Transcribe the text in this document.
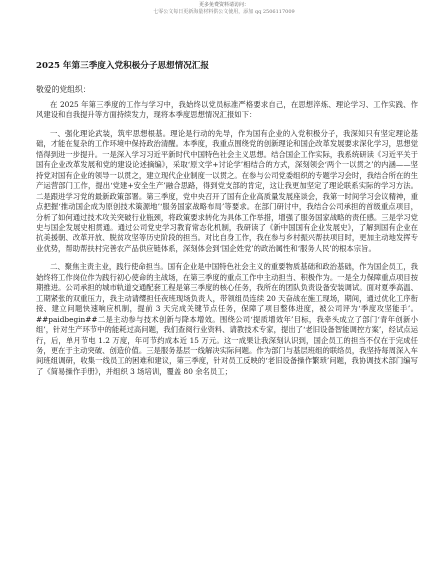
更多免费资料请访问：
七零公文每日更新海量材料供公文使用，添加 qq 2506117009
2025 年第三季度入党积极分子思想情况汇报
敬爱的党组织：

在 2025 年第三季度的工作与学习中，我始终以党员标准严格要求自己，在思想淬炼、理论学习、工作实践、作风建设和自我提升等方面持续发力，现将本季度思想情况汇报如下：

一、强化理论武装，筑牢思想根基。理论是行动的先导，作为国有企业的入党积极分子，我深知只有坚定理论基础，才能在复杂的工作环境中保持政治清醒。本季度，我重点围绕党的创新理论和国企改革发展要求深化学习，思想觉悟得到进一步提升。一是深入学习习近平新时代中国特色社会主义思想。结合国企工作实际，我系统研读《习近平关于国有企业改革发展和党的建设论述摘编》，采取‘原文学+讨论学’相结合的方式，深刻领会‘两个一以贯之’的内涵——坚持党对国有企业的领导一以贯之，建立现代企业制度一以贯之。在参与公司党委组织的专题学习会时，我结合所在的生产运营部门工作，提出‘党建+安全生产’融合思路，得到党支部的肯定，这让我更加坚定了理论联系实际的学习方法。二是跟进学习党的最新政策部署。第三季度，党中央召开了国有企业高质量发展座谈会，我第一时间学习会议精神，重点把握‘推动国企成为原创技术策源地’‘服务国家战略布局’等要求。在部门研讨中，我结合公司承担的首级重点项目，分析了如何通过技术攻关突破行业瓶颈，将政策要求转化为具体工作举措，增强了服务国家战略的责任感。三是学习党史与国企发展史相贯通。通过公司党史学习教育常态化机制，我研读了《新中国国有企业发展史》，了解到国有企业在抗美援朝、改革开放、脱贫攻坚等历史阶段的担当。对比自身工作，我在参与乡村振兴帮扶项目时，更加主动地发挥专业优势，帮助帮扶村完善农产品供应链体系，深刻体会到‘国企姓党’的政治属性和‘服务人民’的根本宗旨。

二、聚焦主责主业，践行使命担当。国有企业是中国特色社会主义的重要物质基础和政治基础，作为国企员工，我始终将工作岗位作为践行初心使命的主战场，在第三季度的重点工作中主动担当、积极作为。一是全力保障重点项目按期推进。公司承担的城市轨道交通配套工程是第三季度的核心任务，我所在的团队负责设备安装调试。面对夏季高温、工期紧张的双重压力，我主动请缨担任夜班现场负责人，带领组员连续 20 天奋战在施工现场，期间，通过优化工序衔接、建立问题快速响应机制，提前 3 天完成关键节点任务，保障了项目整体进度，被公司评为‘季度攻坚能手’。##paidbegin##二是主动参与技术创新与降本增效。围绕公司‘提质增效年’目标，我牵头成立了部门‘青年创新小组’，针对生产环节中的能耗过高问题，我们查阅行业资料、请教技术专家，提出了‘老旧设备智能调控方案’，经试点运行，后，单月节电 1.2 万度，年可节约成本近 15 万元。这一成果让我深刻认识到，国企员工的担当不仅在于完成任务，更在于主动突破、创造价值。三是服务基层一线解决实际问题。作为部门与基层班组的联络员，我坚持每周深入车间班组调研，收集一线员工的困难和建议，第三季度，针对员工反映的‘老旧设备操作繁琐’问题，我协调技术部门编写了《简易操作手册》，并组织 3 场培训，覆盖 80 余名员工；
